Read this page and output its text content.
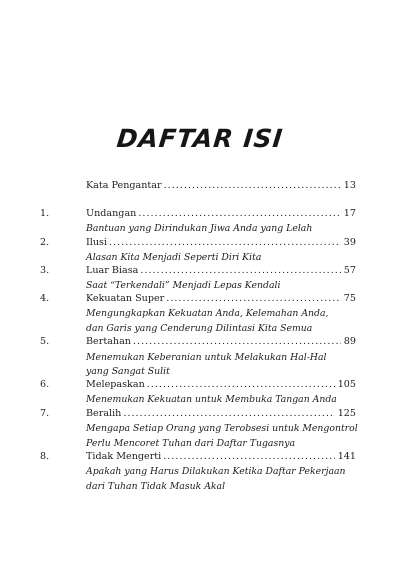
DAFTAR ISI
Kata Pengantar .....	13
1.	Undangan .....	17
Bantuan yang Dirindukan Jiwa Anda yang Lelah
2.	Ilusi .....	39
Alasan Kita Menjadi Seperti Diri Kita
3.	Luar Biasa .....	57
Saat “Terkendali” Menjadi Lepas Kendali
4.	Kekuatan Super .....	75
Mengungkapkan Kekuatan Anda, Kelemahan Anda,
dan Garis yang Cenderung Dilintasi Kita Semua
5.	Bertahan .....	89
Menemukan Keberanian untuk Melakukan Hal-Hal
yang Sangat Sulit
6.	Melepaskan .....	105
Menemukan Kekuatan untuk Membuka Tangan Anda
7.	Beralih .....	125
Mengapa Setiap Orang yang Terobsesi untuk Mengontrol
Perlu Mencoret Tuhan dari Daftar Tugasnya
8.	Tidak Mengerti .....	141
Apakah yang Harus Dilakukan Ketika Daftar Pekerjaan
dari Tuhan Tidak Masuk Akal
